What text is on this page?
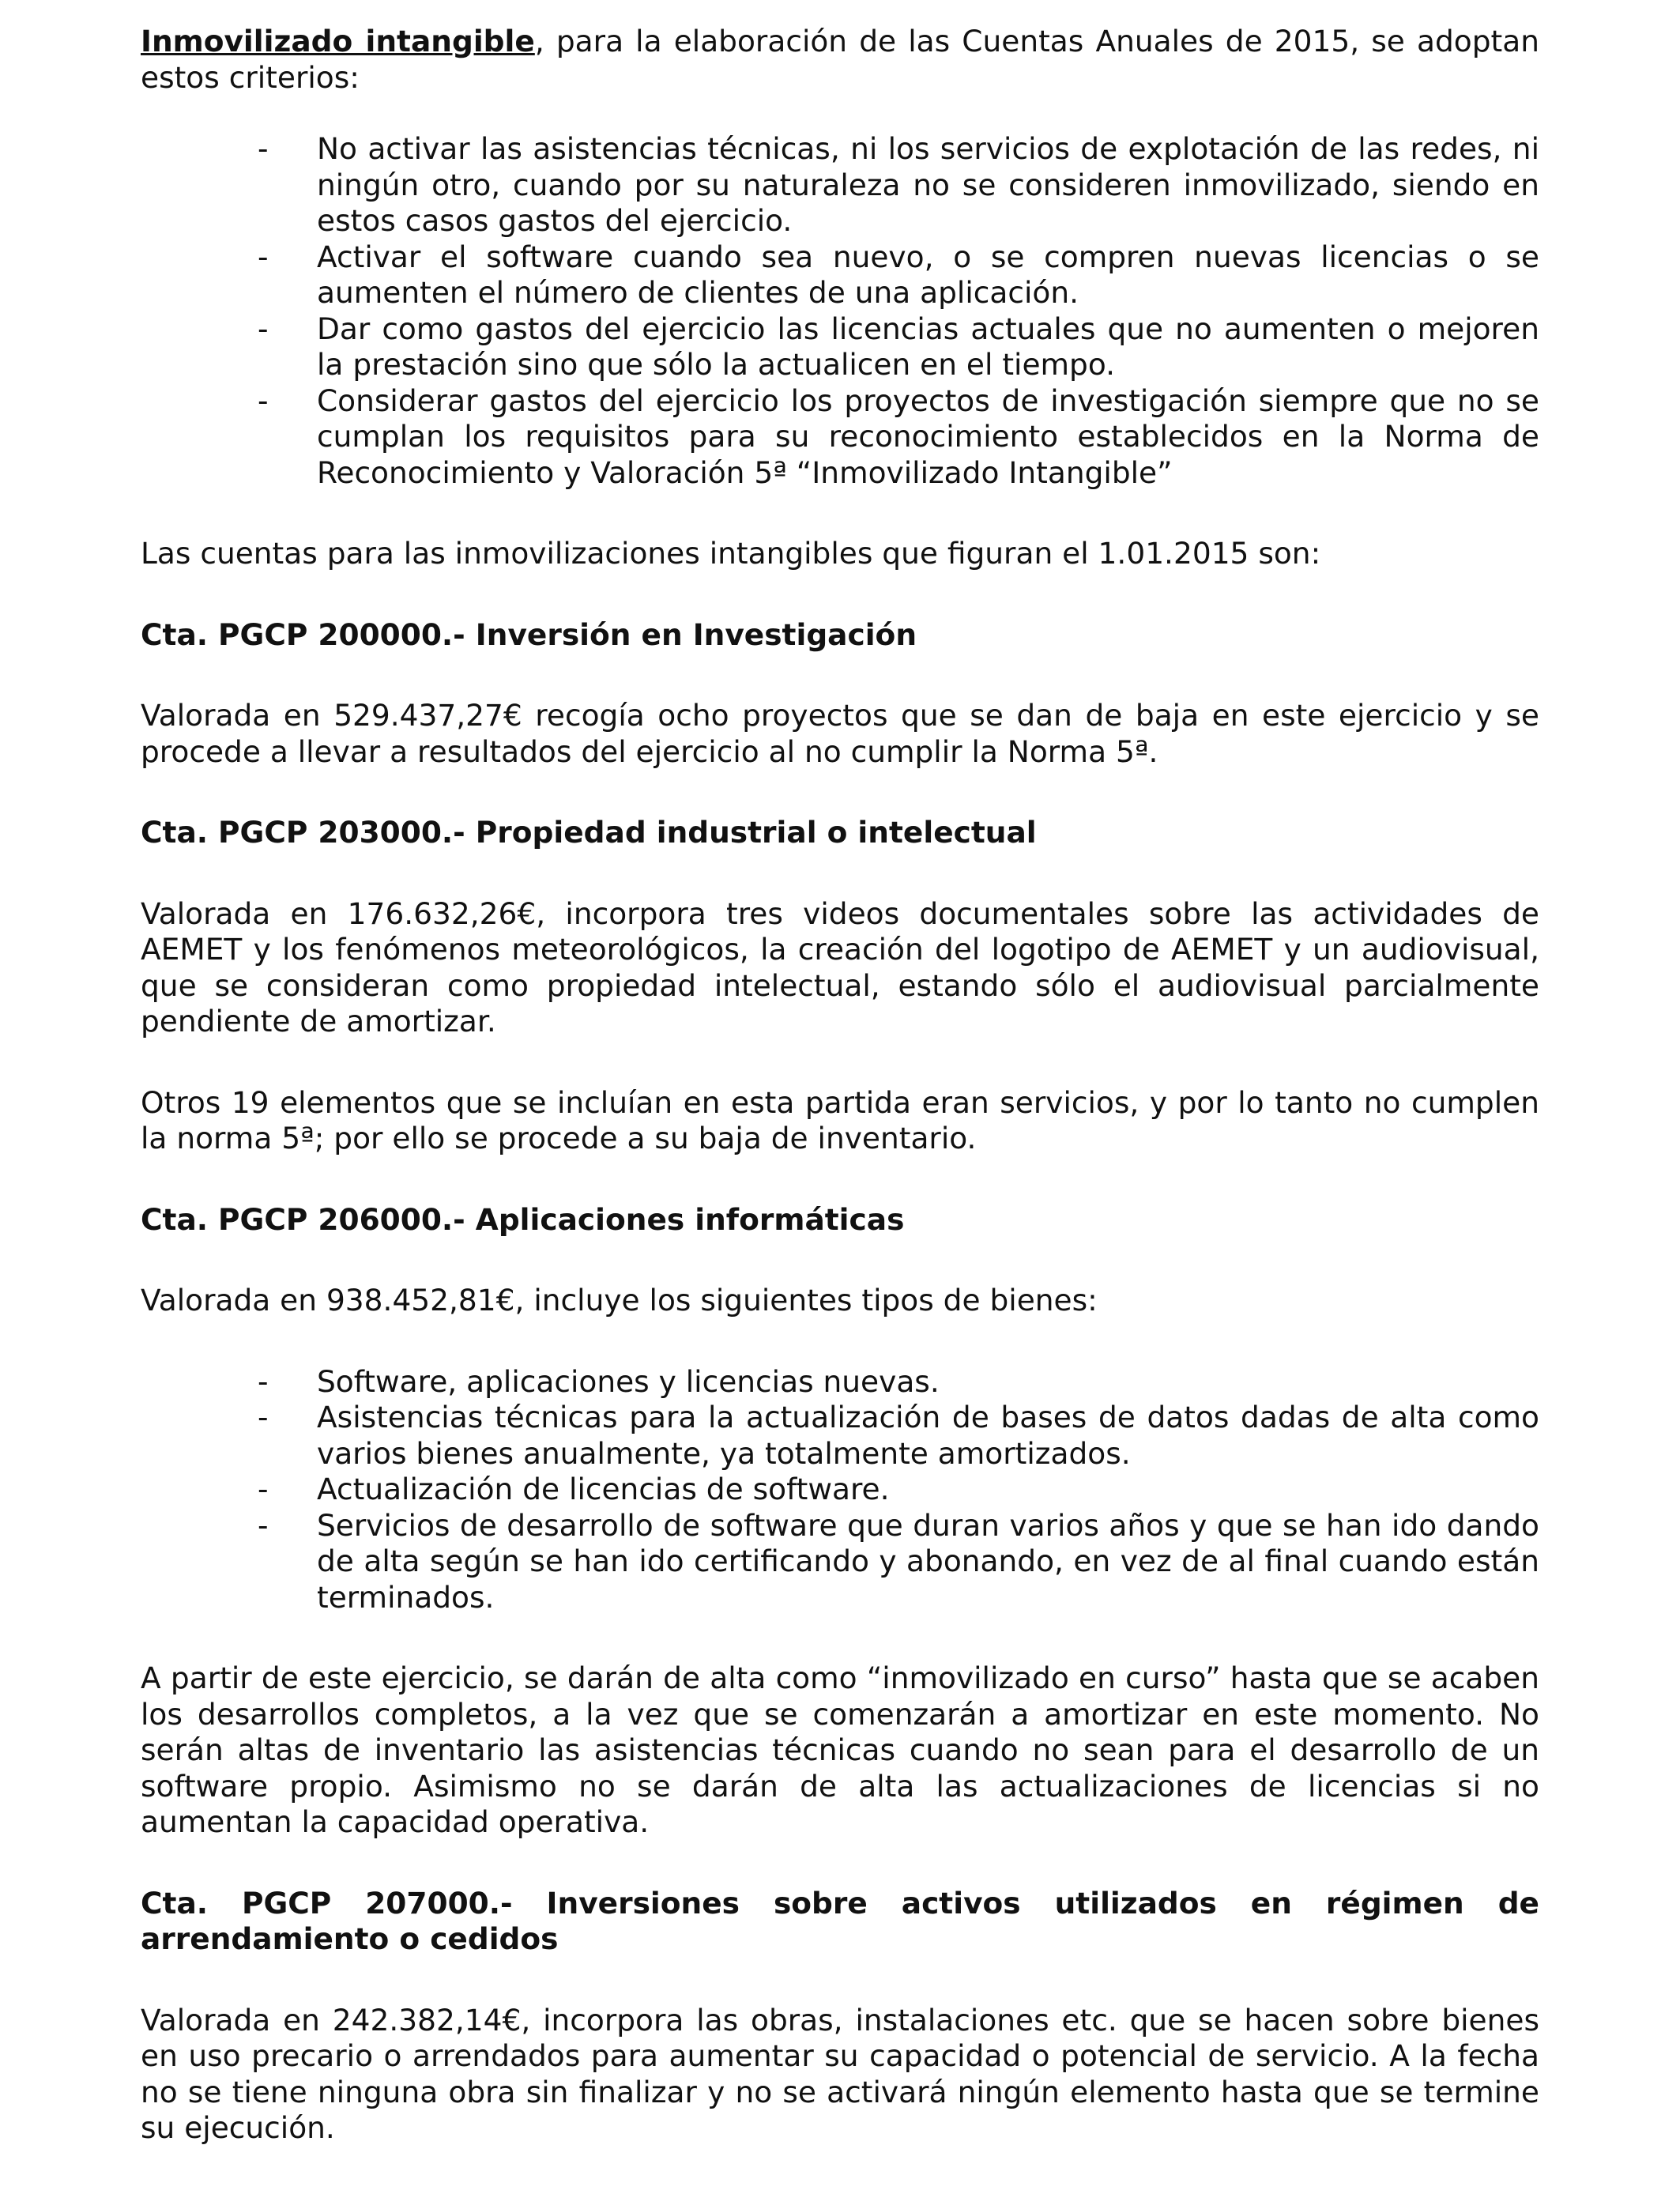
Inmovilizado intangible, para la elaboración de las Cuentas Anuales de 2015, se adoptan estos criterios:

- No activar las asistencias técnicas, ni los servicios de explotación de las redes, ni ningún otro, cuando por su naturaleza no se consideren inmovilizado, siendo en estos casos gastos del ejercicio.
- Activar el software cuando sea nuevo, o se compren nuevas licencias o se aumenten el número de clientes de una aplicación.
- Dar como gastos del ejercicio las licencias actuales que no aumenten o mejoren la prestación sino que sólo la actualicen en el tiempo.
- Considerar gastos del ejercicio los proyectos de investigación siempre que no se cumplan los requisitos para su reconocimiento establecidos en la Norma de Reconocimiento y Valoración 5ª “Inmovilizado Intangible”

Las cuentas para las inmovilizaciones intangibles que figuran el 1.01.2015 son:

Cta. PGCP 200000.- Inversión en Investigación

Valorada en 529.437,27€ recogía ocho proyectos que se dan de baja en este ejercicio y se procede a llevar a resultados del ejercicio al no cumplir la Norma 5ª.

Cta. PGCP 203000.- Propiedad industrial o intelectual

Valorada en 176.632,26€, incorpora tres videos documentales sobre las actividades de AEMET y los fenómenos meteorológicos, la creación del logotipo de AEMET y un audiovisual, que se consideran como propiedad intelectual, estando sólo el audiovisual parcialmente pendiente de amortizar.

Otros 19 elementos que se incluían en esta partida eran servicios, y por lo tanto no cumplen la norma 5ª; por ello se procede a su baja de inventario.

Cta. PGCP 206000.- Aplicaciones informáticas

Valorada en 938.452,81€, incluye los siguientes tipos de bienes:

- Software, aplicaciones y licencias nuevas.
- Asistencias técnicas para la actualización de bases de datos dadas de alta como varios bienes anualmente, ya totalmente amortizados.
- Actualización de licencias de software.
- Servicios de desarrollo de software que duran varios años y que se han ido dando de alta según se han ido certificando y abonando, en vez de al final cuando están terminados.

A partir de este ejercicio, se darán de alta como “inmovilizado en curso” hasta que se acaben los desarrollos completos, a la vez que se comenzarán a amortizar en este momento. No serán altas de inventario las asistencias técnicas cuando no sean para el desarrollo de un software propio. Asimismo no se darán de alta las actualizaciones de licencias si no aumentan la capacidad operativa.

Cta. PGCP 207000.- Inversiones sobre activos utilizados en régimen de arrendamiento o cedidos

Valorada en 242.382,14€, incorpora las obras, instalaciones etc. que se hacen sobre bienes en uso precario o arrendados para aumentar su capacidad o potencial de servicio. A la fecha no se tiene ninguna obra sin finalizar y no se activará ningún elemento hasta que se termine su ejecución.
